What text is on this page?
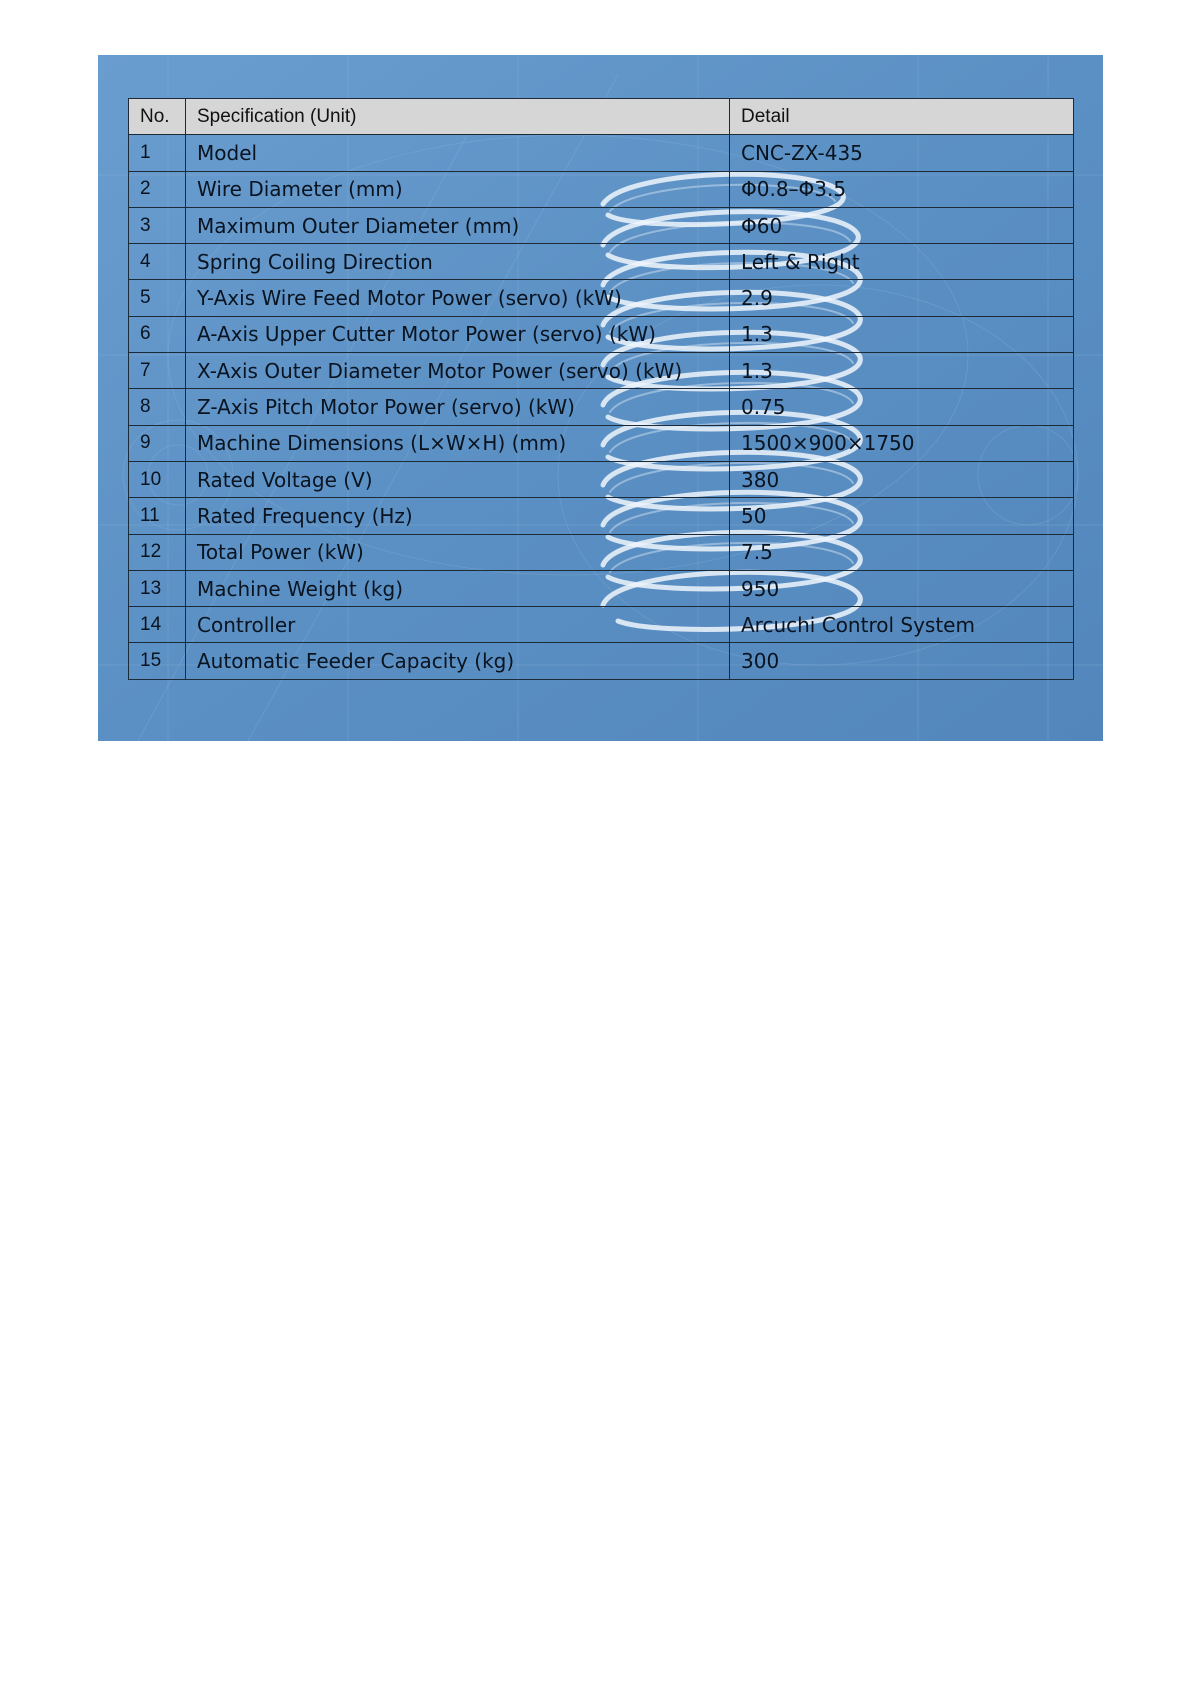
No.	Specification (Unit)	Detail
1	Model	CNC-ZX-435
2	Wire Diameter (mm)	Φ0.8–Φ3.5
3	Maximum Outer Diameter (mm)	Φ60
4	Spring Coiling Direction	Left & Right
5	Y-Axis Wire Feed Motor Power (servo) (kW)	2.9
6	A-Axis Upper Cutter Motor Power (servo) (kW)	1.3
7	X-Axis Outer Diameter Motor Power (servo) (kW)	1.3
8	Z-Axis Pitch Motor Power (servo) (kW)	0.75
9	Machine Dimensions (L×W×H) (mm)	1500×900×1750
10	Rated Voltage (V)	380
11	Rated Frequency (Hz)	50
12	Total Power (kW)	7.5
13	Machine Weight (kg)	950
14	Controller	Arcuchi Control System
15	Automatic Feeder Capacity (kg)	300
